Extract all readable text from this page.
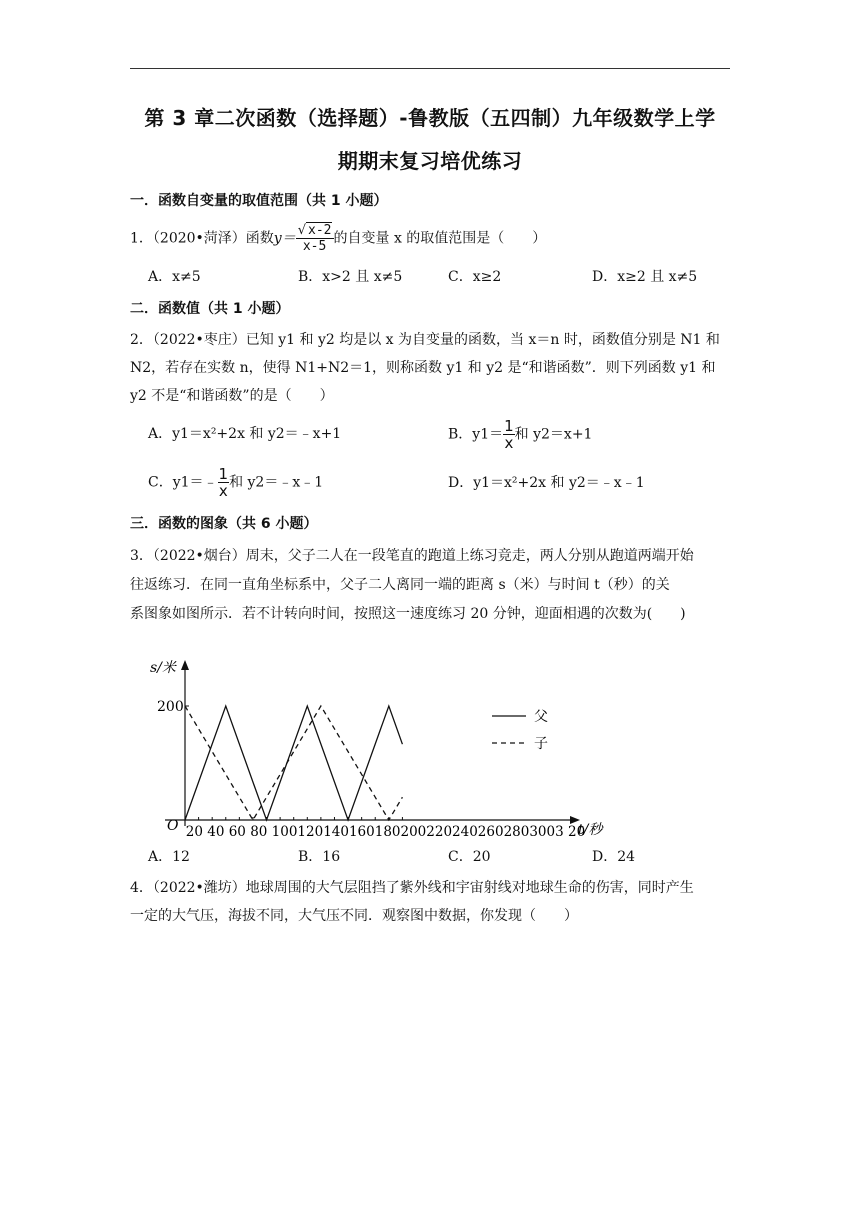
第 3 章二次函数（选择题）-鲁教版（五四制）九年级数学上学
期期末复习培优练习
一．函数自变量的取值范围（共 1 小题）
1．（2020•菏泽）函数$y= \frac{√ x-2}{x-5}$ 的自变量 x 的取值范围是（　　）
A．x≠5	B．x>2 且 x≠5	C．x≥2	D．x≥2 且 x≠5
二．函数值（共 1 小题）
2．（2022•枣庄）已知 y1 和 y2 均是以 x 为自变量的函数，当 x＝n 时，函数值分别是 N1 和
N2，若存在实数 n，使得 N1+N2＝1，则称函数 y1 和 y2 是“和谐函数”．则下列函数 y1 和
y2 不是“和谐函数”的是（　　）
A．y1＝x²+2x 和 y2＝﹣x+1	B．$y1= \frac{1}{x}$ 和 y2＝x+1
C．y1＝﹣ $\frac{1}{x}$ 和 y2＝﹣x﹣1	D．y1＝x²+2x 和 y2＝﹣x﹣1
三．函数的图象（共 6 小题）
3．（2022•烟台）周末，父子二人在一段笔直的跑道上练习竞走，两人分别从跑道两端开始
往返练习．在同一直角坐标系中，父子二人离同一端的距离 s（米）与时间 t（秒）的关
系图象如图所示．若不计转向时间，按照这一速度练习 20 分钟，迎面相遇的次数为(　　)
s/米
t/秒
O
200
20 40 60 80 1001201401601802002202402602803003 20
父
子
A．12	B．16	C．20	D．24
4．（2022•潍坊）地球周围的大气层阻挡了紫外线和宇宙射线对地球生命的伤害，同时产生
一定的大气压，海拔不同，大气压不同．观察图中数据，你发现（　　）
